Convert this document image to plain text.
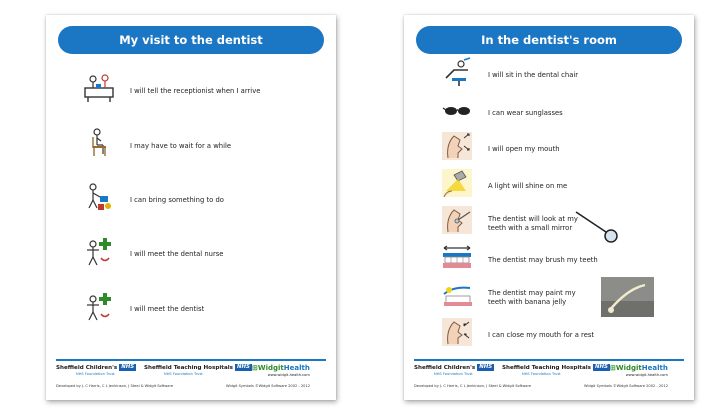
My visit to the dentist
I will tell the receptionist when I arrive
I may have to wait for a while
I can bring something to do
I will meet the dental nurse
I will meet the dentist
Sheffield Children's NHS
NHS Foundation Trust
Sheffield Teaching Hospitals NHS
NHS Foundation Trust
⊞WidgitHealth
www.widgit-health.com
Developed by J. C Harris, C L Jenkinson, J Steel & Widgit Software	Widgit Symbols ©Widgit Software 2002 - 2012
In the dentist's room
I will sit in the dental chair
I can wear sunglasses
I will open my mouth
A light will shine on me
The dentist will look at my
teeth with a small mirror
The dentist may brush my teeth
The dentist may paint my
teeth with banana jelly
I can close my mouth for a rest
Sheffield Children's NHS
NHS Foundation Trust
Sheffield Teaching Hospitals NHS
NHS Foundation Trust
⊞WidgitHealth
www.widgit-health.com
Developed by J. C Harris, C L Jenkinson, J Steel & Widgit Software	Widgit Symbols ©Widgit Software 2002 - 2012
